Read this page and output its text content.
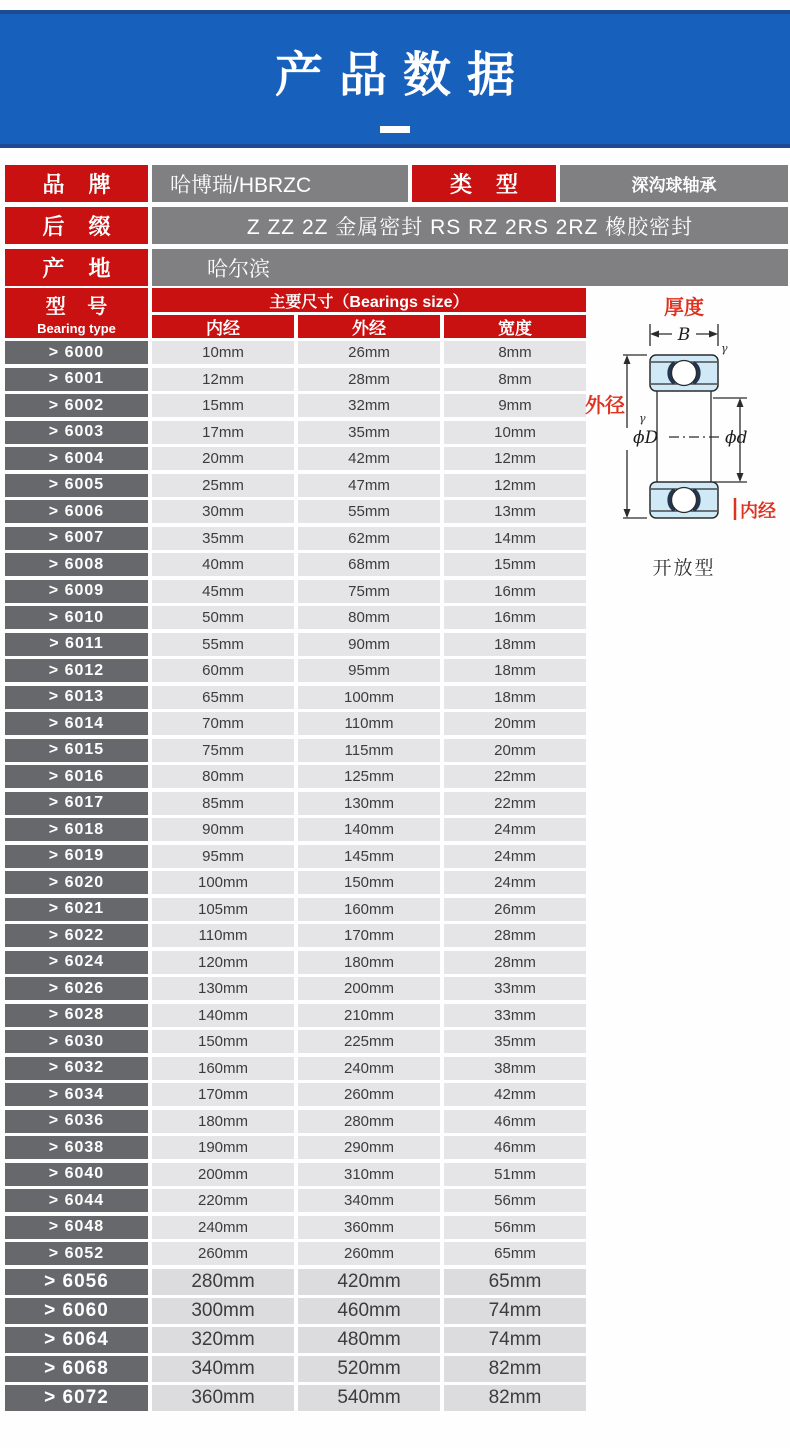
产品数据
品 牌	哈博瑞/HBRZC	类 型	深沟球轴承
后 缀	Z ZZ 2Z 金属密封 RS RZ 2RS 2RZ 橡胶密封
产 地	哈尔滨
型 号
Bearing type
主要尺寸（Bearings size）
内经	外经	宽度
> 6000	10mm	26mm	8mm
> 6001	12mm	28mm	8mm
> 6002	15mm	32mm	9mm
> 6003	17mm	35mm	10mm
> 6004	20mm	42mm	12mm
> 6005	25mm	47mm	12mm
> 6006	30mm	55mm	13mm
> 6007	35mm	62mm	14mm
> 6008	40mm	68mm	15mm
> 6009	45mm	75mm	16mm
> 6010	50mm	80mm	16mm
> 6011	55mm	90mm	18mm
> 6012	60mm	95mm	18mm
> 6013	65mm	100mm	18mm
> 6014	70mm	110mm	20mm
> 6015	75mm	115mm	20mm
> 6016	80mm	125mm	22mm
> 6017	85mm	130mm	22mm
> 6018	90mm	140mm	24mm
> 6019	95mm	145mm	24mm
> 6020	100mm	150mm	24mm
> 6021	105mm	160mm	26mm
> 6022	110mm	170mm	28mm
> 6024	120mm	180mm	28mm
> 6026	130mm	200mm	33mm
> 6028	140mm	210mm	33mm
> 6030	150mm	225mm	35mm
> 6032	160mm	240mm	38mm
> 6034	170mm	260mm	42mm
> 6036	180mm	280mm	46mm
> 6038	190mm	290mm	46mm
> 6040	200mm	310mm	51mm
> 6044	220mm	340mm	56mm
> 6048	240mm	360mm	56mm
> 6052	260mm	260mm	65mm
> 6056	280mm	420mm	65mm
> 6060	300mm	460mm	74mm
> 6064	320mm	480mm	74mm
> 6068	340mm	520mm	82mm
> 6072	360mm	540mm	82mm
厚度
B
γ
γ
外径
ϕD	ϕd
内经
开放型
